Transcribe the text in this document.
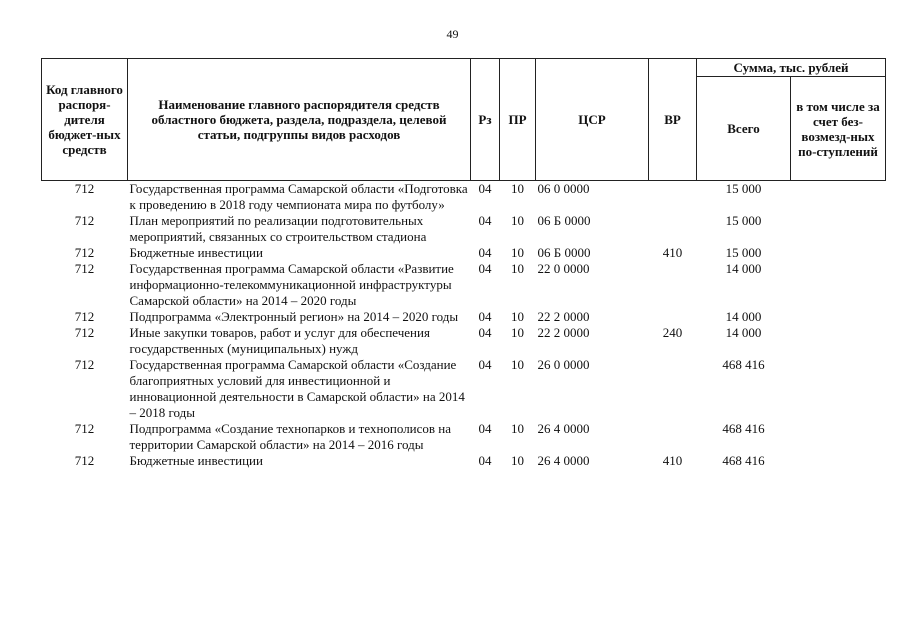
49
Код главного распоря-дителя бюджет-ных средств	Наименование главного распорядителя средств областного бюджета, раздела, подраздела, целевой статьи, подгруппы видов расходов	Рз	ПР	ЦСР	ВР	Сумма, тыс. рублей	
						Всего	в том числе за счет без-возмезд-ных по-ступлений
712	Государственная программа Самарской области «Подготовка к проведению в 2018 году чемпионата мира по футболу»	04	10	06 0 0000		15 000	
712	План мероприятий по реализации подготовительных мероприятий, связанных со строительством стадиона	04	10	06 Б 0000		15 000	
712	Бюджетные инвестиции	04	10	06 Б 0000	410	15 000	
712	Государственная программа Самарской области «Развитие информационно-телекоммуникационной инфраструктуры Самарской области» на 2014 – 2020 годы	04	10	22 0 0000		14 000	
712	Подпрограмма «Электронный регион» на 2014 – 2020 годы	04	10	22 2 0000		14 000	
712	Иные закупки товаров, работ и услуг для обеспечения государственных (муниципальных) нужд	04	10	22 2 0000	240	14 000	
712	Государственная программа Самарской области «Создание благоприятных условий для инвестиционной и инновационной деятельности в Самарской области» на 2014 – 2018 годы	04	10	26 0 0000		468 416	
712	Подпрограмма «Создание технопарков и технополисов на территории Самарской области» на 2014 – 2016 годы	04	10	26 4 0000		468 416	
712	Бюджетные инвестиции	04	10	26 4 0000	410	468 416	
